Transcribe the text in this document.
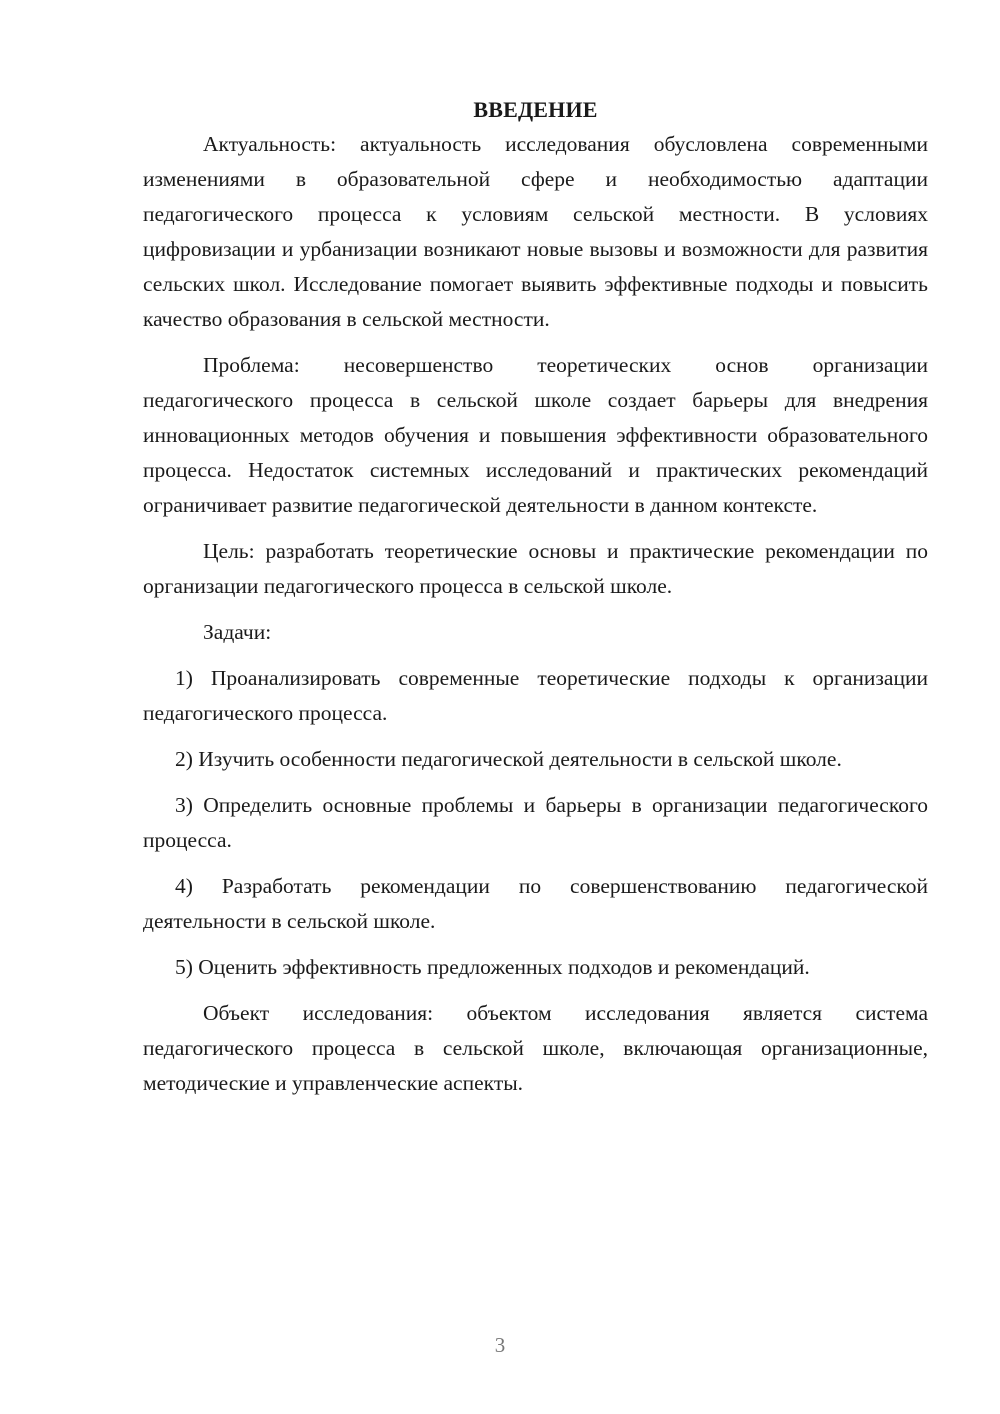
ВВЕДЕНИЕ

Актуальность: актуальность исследования обусловлена современными изменениями в образовательной сфере и необходимостью адаптации педагогического процесса к условиям сельской местности. В условиях цифровизации и урбанизации возникают новые вызовы и возможности для развития сельских школ. Исследование помогает выявить эффективные подходы и повысить качество образования в сельской местности.

Проблема: несовершенство теоретических основ организации педагогического процесса в сельской школе создает барьеры для внедрения инновационных методов обучения и повышения эффективности образовательного процесса. Недостаток системных исследований и практических рекомендаций ограничивает развитие педагогической деятельности в данном контексте.

Цель: разработать теоретические основы и практические рекомендации по организации педагогического процесса в сельской школе.

Задачи:

1) Проанализировать современные теоретические подходы к организации педагогического процесса.

2) Изучить особенности педагогической деятельности в сельской школе.

3) Определить основные проблемы и барьеры в организации педагогического процесса.

4) Разработать рекомендации по совершенствованию педагогической деятельности в сельской школе.

5) Оценить эффективность предложенных подходов и рекомендаций.

Объект исследования: объектом исследования является система педагогического процесса в сельской школе, включающая организационные, методические и управленческие аспекты.

3
